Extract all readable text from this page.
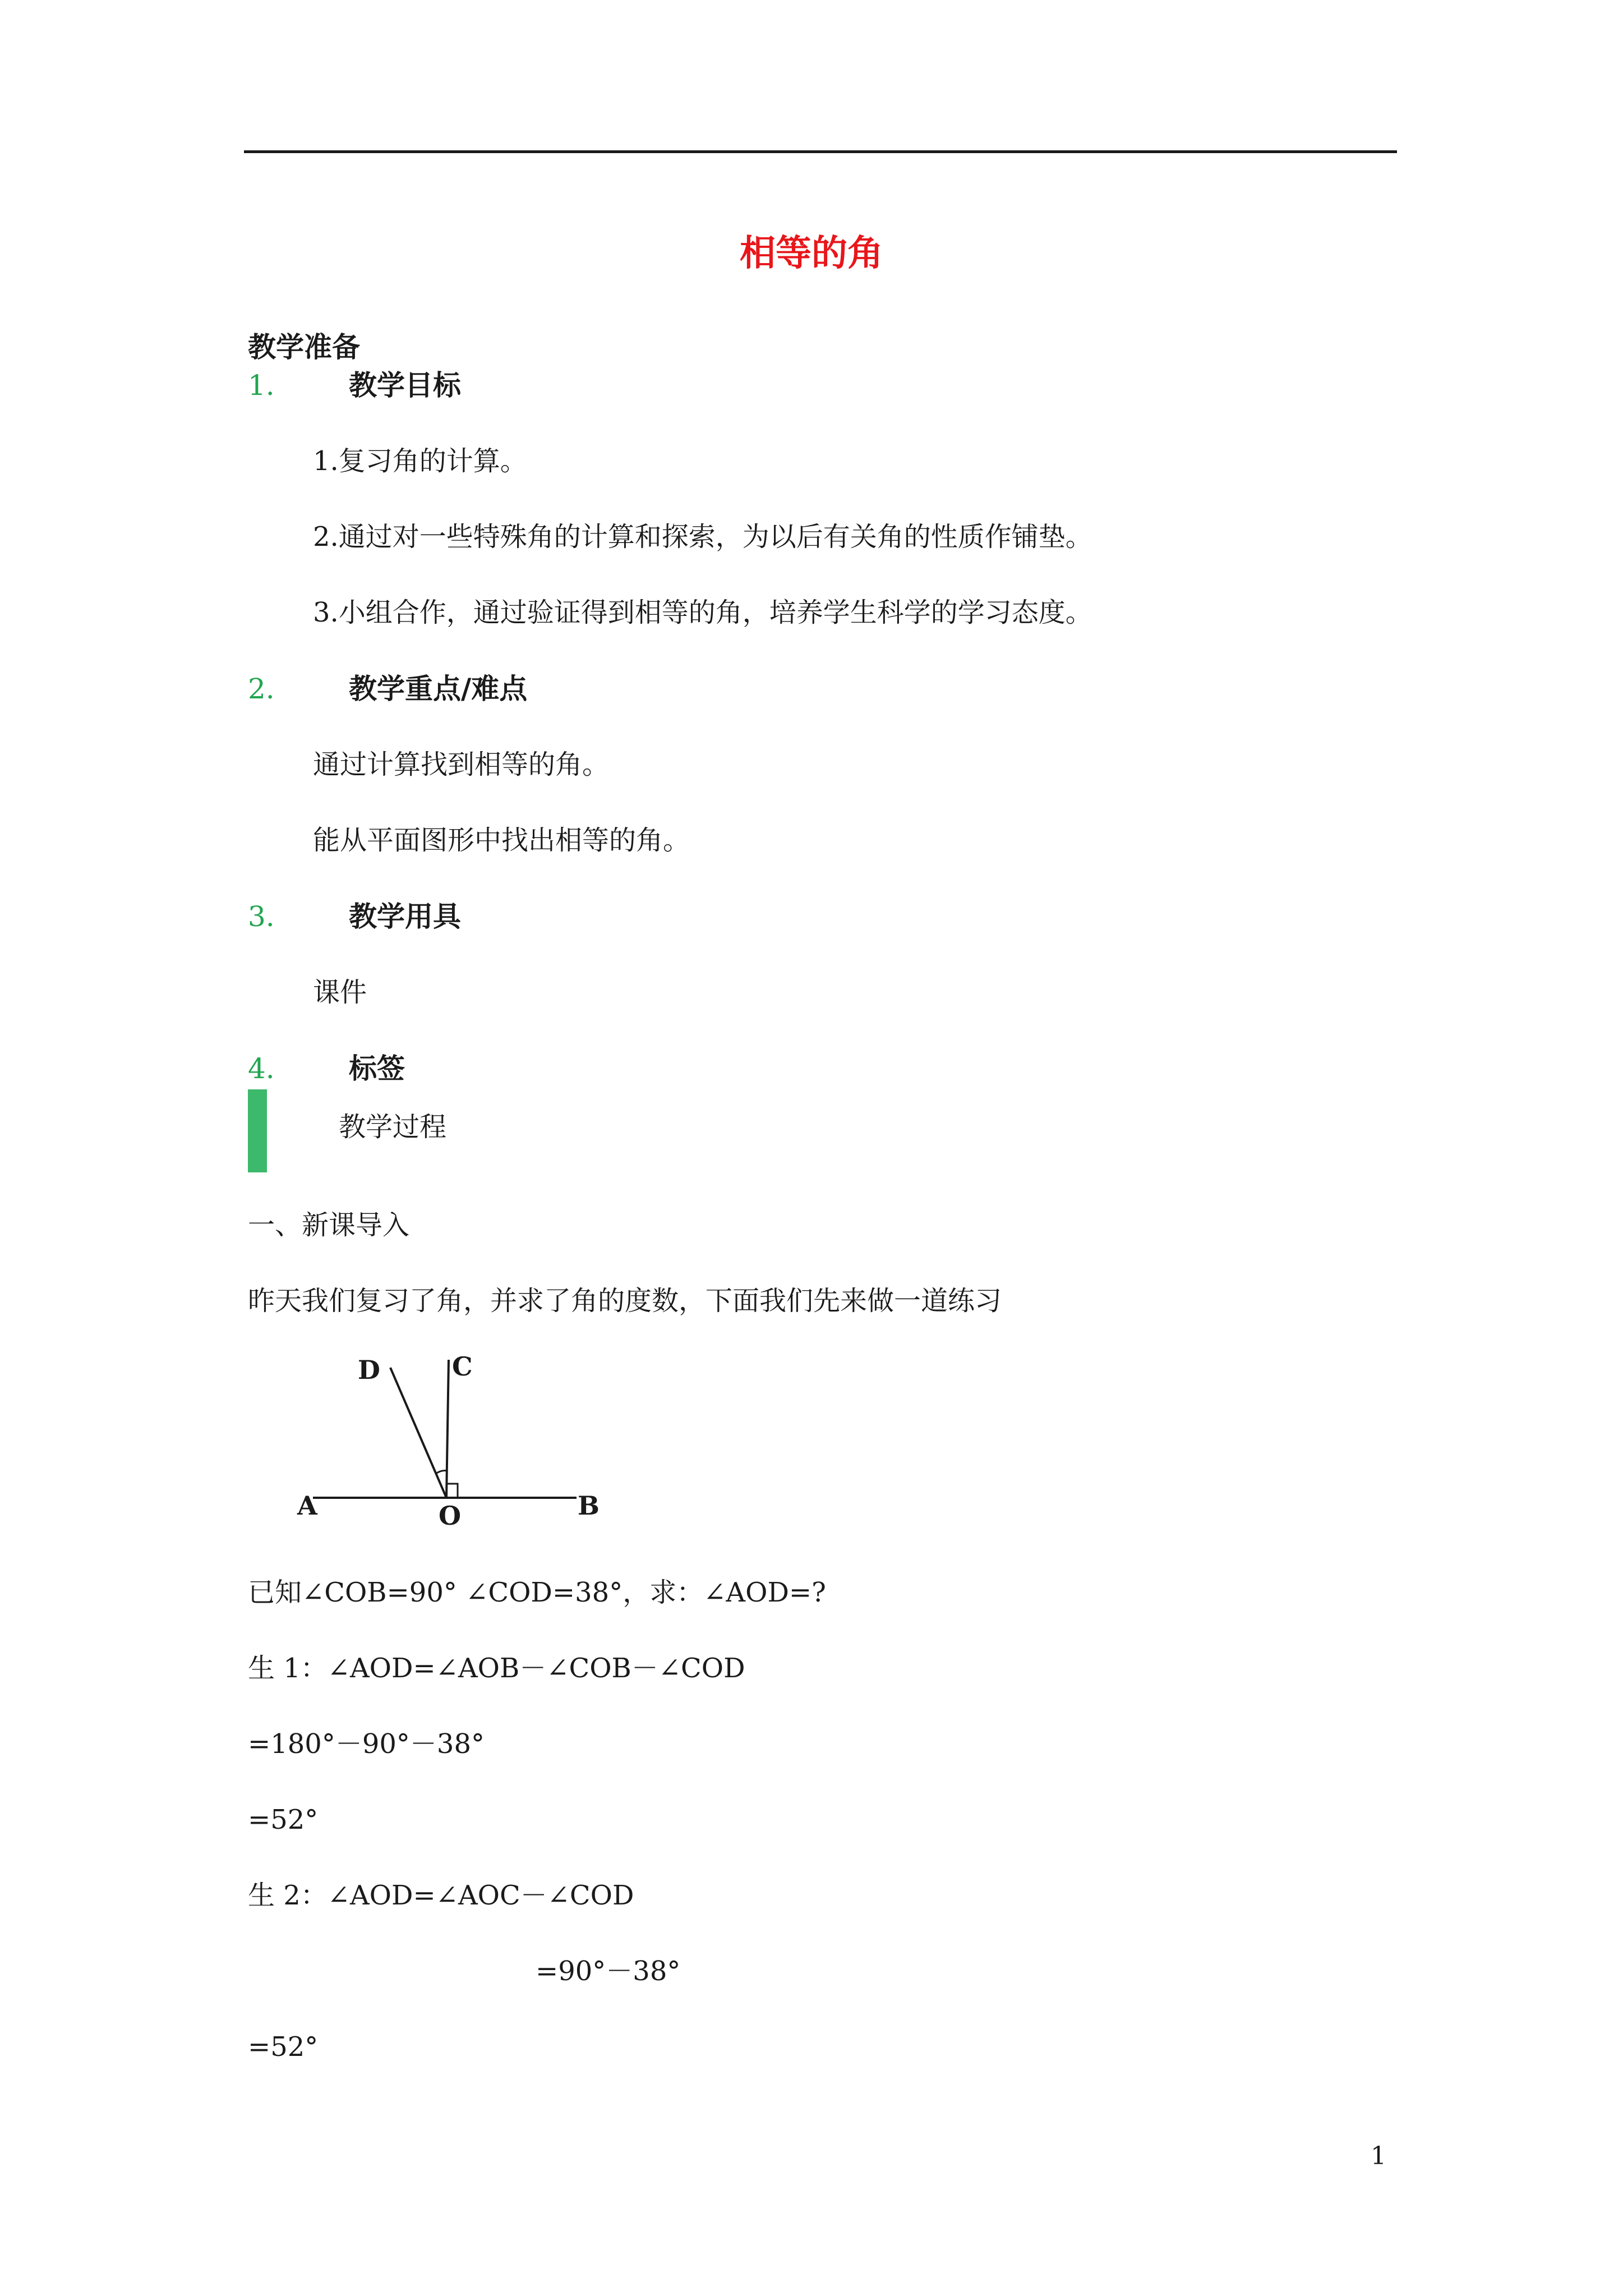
相等的角
教学准备
1.	教学目标
1.复习角的计算。
2.通过对一些特殊角的计算和探索，为以后有关角的性质作铺垫。
3.小组合作，通过验证得到相等的角，培养学生科学的学习态度。
2.	教学重点/难点
通过计算找到相等的角。
能从平面图形中找出相等的角。
3.	教学用具
课件
4.	标签
教学过程
一、新课导入
昨天我们复习了角，并求了角的度数，下面我们先来做一道练习
A	B
C
D
O
已知∠COB=90° ∠COD=38°，求：∠AOD=?
生 1：∠AOD=∠AOB－∠COB－∠COD
=180°－90°－38°
=52°
生 2：∠AOD=∠AOC－∠COD
=90°－38°
=52°
1
